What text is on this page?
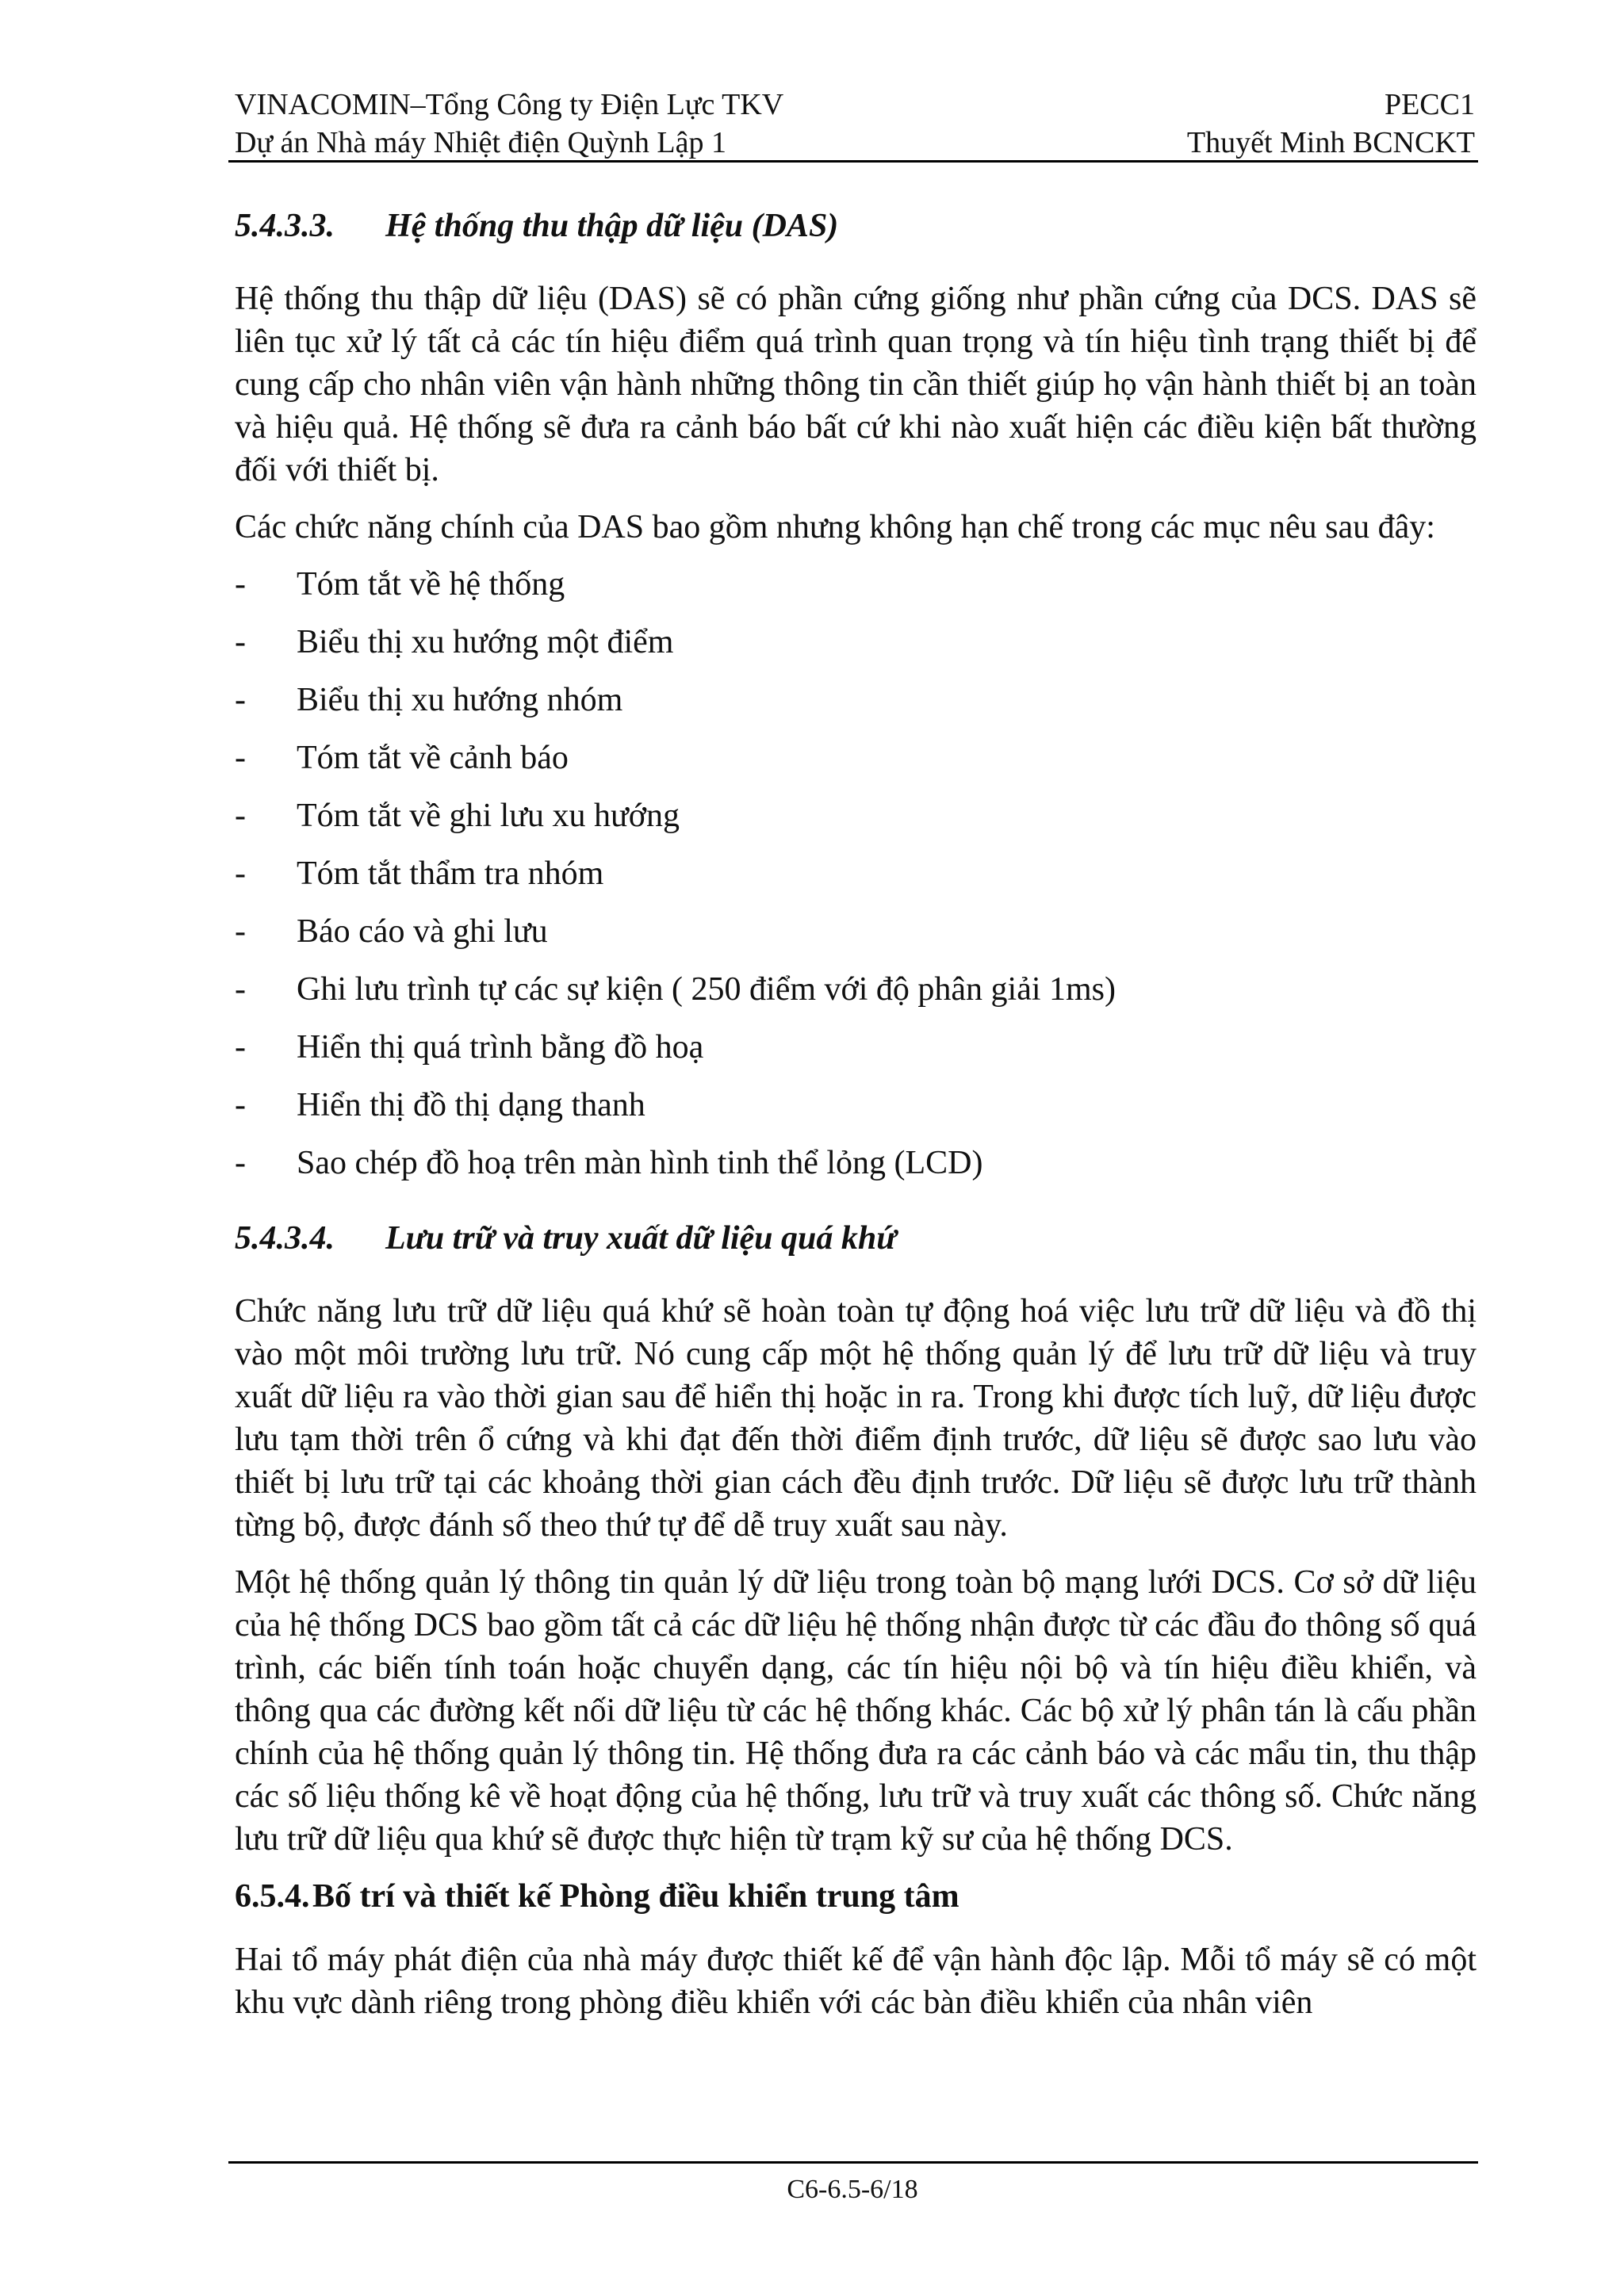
VINACOMIN–Tổng Công ty Điện Lực TKV	PECC1
Dự án Nhà máy Nhiệt điện Quỳnh Lập 1	Thuyết Minh BCNCKT
5.4.3.3.	Hệ thống thu thập dữ liệu (DAS)

Hệ thống thu thập dữ liệu (DAS) sẽ có phần cứng giống như phần cứng của DCS. DAS sẽ liên tục xử lý tất cả các tín hiệu điểm quá trình quan trọng và tín hiệu tình trạng thiết bị để cung cấp cho nhân viên vận hành những thông tin cần thiết giúp họ vận hành thiết bị an toàn và hiệu quả. Hệ thống sẽ đưa ra cảnh báo bất cứ khi nào xuất hiện các điều kiện bất thường đối với thiết bị.

Các chức năng chính của DAS bao gồm nhưng không hạn chế trong các mục nêu sau đây:

-	Tóm tắt về hệ thống
-	Biểu thị xu hướng một điểm
-	Biểu thị xu hướng nhóm
-	Tóm tắt về cảnh báo
-	Tóm tắt về ghi lưu xu hướng
-	Tóm tắt thẩm tra nhóm
-	Báo cáo và ghi lưu
-	Ghi lưu trình tự các sự kiện ( 250 điểm với độ phân giải 1ms)
-	Hiển thị quá trình bằng đồ hoạ
-	Hiển thị đồ thị dạng thanh
-	Sao chép đồ hoạ trên màn hình tinh thể lỏng (LCD)
5.4.3.4.	Lưu trữ và truy xuất dữ liệu quá khứ

Chức năng lưu trữ dữ liệu quá khứ sẽ hoàn toàn tự động hoá việc lưu trữ dữ liệu và đồ thị vào một môi trường lưu trữ. Nó cung cấp một hệ thống quản lý để lưu trữ dữ liệu và truy xuất dữ liệu ra vào thời gian sau để hiển thị hoặc in ra. Trong khi được tích luỹ, dữ liệu được lưu tạm thời trên ổ cứng và khi đạt đến thời điểm định trước, dữ liệu sẽ được sao lưu vào thiết bị lưu trữ tại các khoảng thời gian cách đều định trước. Dữ liệu sẽ được lưu trữ thành từng bộ, được đánh số theo thứ tự để dễ truy xuất sau này.

Một hệ thống quản lý thông tin quản lý dữ liệu trong toàn bộ mạng lưới DCS. Cơ sở dữ liệu của hệ thống DCS bao gồm tất cả các dữ liệu hệ thống nhận được từ các đầu đo thông số quá trình, các biến tính toán hoặc chuyển dạng, các tín hiệu nội bộ và tín hiệu điều khiển, và thông qua các đường kết nối dữ liệu từ các hệ thống khác. Các bộ xử lý phân tán là cấu phần chính của hệ thống quản lý thông tin. Hệ thống đưa ra các cảnh báo và các mẩu tin, thu thập các số liệu thống kê về hoạt động của hệ thống, lưu trữ và truy xuất các thông số. Chức năng lưu trữ dữ liệu qua khứ sẽ được thực hiện từ trạm kỹ sư của hệ thống DCS.

6.5.4. Bố trí và thiết kế Phòng điều khiển trung tâm

Hai tổ máy phát điện của nhà máy được thiết kế để vận hành độc lập. Mỗi tổ máy sẽ có một khu vực dành riêng trong phòng điều khiển với các bàn điều khiển của nhân viên

C6-6.5-6/18
